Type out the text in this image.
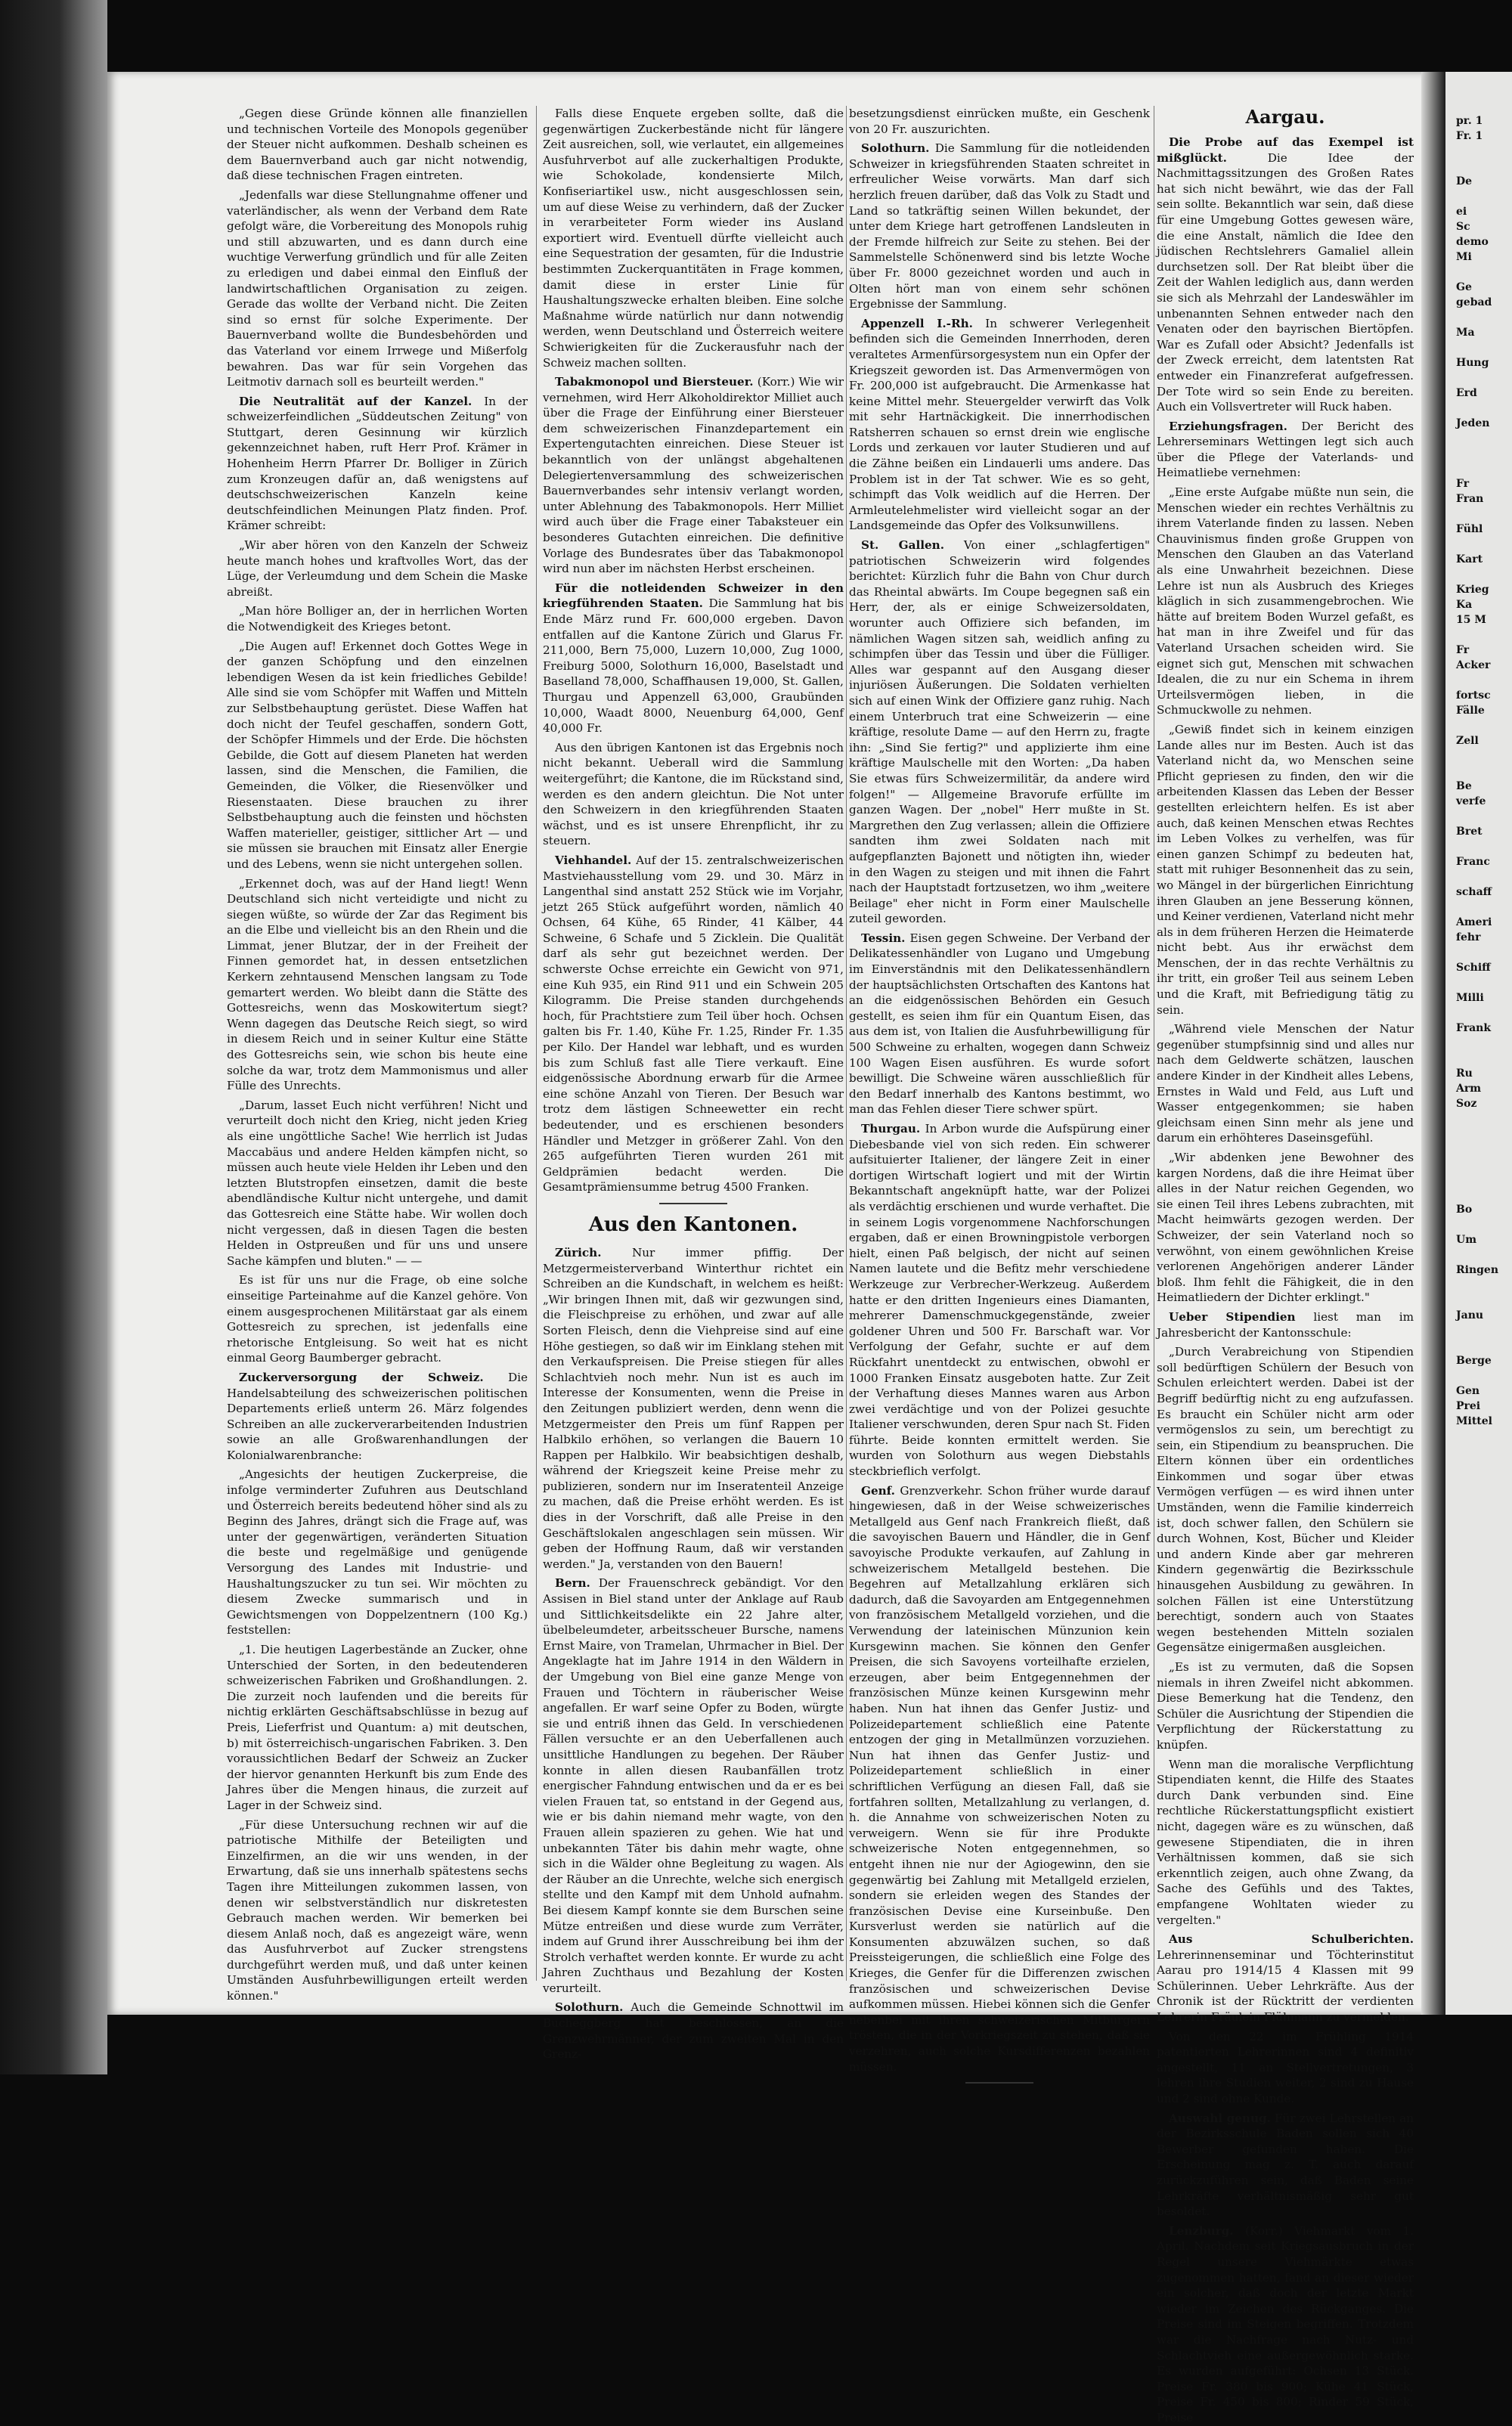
„Gegen diese Gründe können alle finanziellen und technischen Vorteile des Monopols gegenüber der Steuer nicht aufkommen. Deshalb scheinen es dem Bauernverband auch gar nicht notwendig, daß diese technischen Fragen eintreten.

„Jedenfalls war diese Stellungnahme offener und vaterländischer, als wenn der Verband dem Rate gefolgt wäre, die Vorbereitung des Monopols ruhig und still abzuwarten, und es dann durch eine wuchtige Verwerfung gründlich und für alle Zeiten zu erledigen und dabei einmal den Einfluß der landwirtschaftlichen Organisation zu zeigen. Gerade das wollte der Verband nicht. Die Zeiten sind so ernst für solche Experimente. Der Bauernverband wollte die Bundesbehörden und das Vaterland vor einem Irrwege und Mißerfolg bewahren. Das war für sein Vorgehen das Leitmotiv darnach soll es beurteilt werden."

Die Neutralität auf der Kanzel. In der schweizerfeindlichen „Süddeutschen Zeitung" von Stuttgart, deren Gesinnung wir kürzlich gekennzeichnet haben, ruft Herr Prof. Krämer in Hohenheim Herrn Pfarrer Dr. Bolliger in Zürich zum Kronzeugen dafür an, daß wenigstens auf deutschschweizerischen Kanzeln keine deutschfeindlichen Meinungen Platz finden. Prof. Krämer schreibt:

„Wir aber hören von den Kanzeln der Schweiz heute manch hohes und kraftvolles Wort, das der Lüge, der Verleumdung und dem Schein die Maske abreißt.

„Man höre Bolliger an, der in herrlichen Worten die Notwendigkeit des Krieges betont.

„Die Augen auf! Erkennet doch Gottes Wege in der ganzen Schöpfung und den einzelnen lebendigen Wesen da ist kein friedliches Gebilde! Alle sind sie vom Schöpfer mit Waffen und Mitteln zur Selbstbehauptung gerüstet. Diese Waffen hat doch nicht der Teufel geschaffen, sondern Gott, der Schöpfer Himmels und der Erde. Die höchsten Gebilde, die Gott auf diesem Planeten hat werden lassen, sind die Menschen, die Familien, die Gemeinden, die Völker, die Riesenvölker und Riesenstaaten. Diese brauchen zu ihrer Selbstbehauptung auch die feinsten und höchsten Waffen materieller, geistiger, sittlicher Art — und sie müssen sie brauchen mit Einsatz aller Energie und des Lebens, wenn sie nicht untergehen sollen.

„Erkennet doch, was auf der Hand liegt! Wenn Deutschland sich nicht verteidigte und nicht zu siegen wüßte, so würde der Zar das Regiment bis an die Elbe und vielleicht bis an den Rhein und die Limmat, jener Blutzar, der in der Freiheit der Finnen gemordet hat, in dessen entsetzlichen Kerkern zehntausend Menschen langsam zu Tode gemartert werden. Wo bleibt dann die Stätte des Gottesreichs, wenn das Moskowitertum siegt? Wenn dagegen das Deutsche Reich siegt, so wird in diesem Reich und in seiner Kultur eine Stätte des Gottesreichs sein, wie schon bis heute eine solche da war, trotz dem Mammonismus und aller Fülle des Unrechts.

„Darum, lasset Euch nicht verführen! Nicht und verurteilt doch nicht den Krieg, nicht jeden Krieg als eine ungöttliche Sache! Wie herrlich ist Judas Maccabäus und andere Helden kämpfen nicht, so müssen auch heute viele Helden ihr Leben und den letzten Blutstropfen einsetzen, damit die beste abendländische Kultur nicht untergehe, und damit das Gottesreich eine Stätte habe. Wir wollen doch nicht vergessen, daß in diesen Tagen die besten Helden in Ostpreußen und für uns und unsere Sache kämpfen und bluten." — —

Es ist für uns nur die Frage, ob eine solche einseitige Parteinahme auf die Kanzel gehöre. Von einem ausgesprochenen Militärstaat gar als einem Gottesreich zu sprechen, ist jedenfalls eine rhetorische Entgleisung. So weit hat es nicht einmal Georg Baumberger gebracht.

Zuckerversorgung der Schweiz. Die Handelsabteilung des schweizerischen politischen Departements erließ unterm 26. März folgendes Schreiben an alle zuckerverarbeitenden Industrien sowie an alle Großwarenhandlungen der Kolonialwarenbranche:

„Angesichts der heutigen Zuckerpreise, die infolge verminderter Zufuhren aus Deutschland und Österreich bereits bedeutend höher sind als zu Beginn des Jahres, drängt sich die Frage auf, was unter der gegenwärtigen, veränderten Situation die beste und regelmäßige und genügende Versorgung des Landes mit Industrie- und Haushaltungszucker zu tun sei. Wir möchten zu diesem Zwecke summarisch und in Gewichtsmengen von Doppelzentnern (100 Kg.) feststellen:

„1. Die heutigen Lagerbestände an Zucker, ohne Unterschied der Sorten, in den bedeutenderen schweizerischen Fabriken und Großhandlungen. 2. Die zurzeit noch laufenden und die bereits für nichtig erklärten Geschäftsabschlüsse in bezug auf Preis, Lieferfrist und Quantum: a) mit deutschen, b) mit österreichisch-ungarischen Fabriken. 3. Den voraussichtlichen Bedarf der Schweiz an Zucker der hiervor genannten Herkunft bis zum Ende des Jahres über die Mengen hinaus, die zurzeit auf Lager in der Schweiz sind.

„Für diese Untersuchung rechnen wir auf die patriotische Mithilfe der Beteiligten und Einzelfirmen, an die wir uns wenden, in der Erwartung, daß sie uns innerhalb spätestens sechs Tagen ihre Mitteilungen zukommen lassen, von denen wir selbstverständlich nur diskretesten Gebrauch machen werden. Wir bemerken bei diesem Anlaß noch, daß es angezeigt wäre, wenn das Ausfuhrverbot auf Zucker strengstens durchgeführt werden muß, und daß unter keinen Umständen Ausfuhrbewilligungen erteilt werden können."

Falls diese Enquete ergeben sollte, daß die gegenwärtigen Zuckerbestände nicht für längere Zeit ausreichen, soll, wie verlautet, ein allgemeines Ausfuhrverbot auf alle zuckerhaltigen Produkte, wie Schokolade, kondensierte Milch, Konfiseriartikel usw., nicht ausgeschlossen sein, um auf diese Weise zu verhindern, daß der Zucker in verarbeiteter Form wieder ins Ausland exportiert wird. Eventuell dürfte vielleicht auch eine Sequestration der gesamten, für die Industrie bestimmten Zuckerquantitäten in Frage kommen, damit diese in erster Linie für Haushaltungszwecke erhalten bleiben. Eine solche Maßnahme würde natürlich nur dann notwendig werden, wenn Deutschland und Österreich weitere Schwierigkeiten für die Zuckerausfuhr nach der Schweiz machen sollten.

Tabakmonopol und Biersteuer. (Korr.) Wie wir vernehmen, wird Herr Alkoholdirektor Milliet auch über die Frage der Einführung einer Biersteuer dem schweizerischen Finanzdepartement ein Expertengutachten einreichen. Diese Steuer ist bekanntlich von der unlängst abgehaltenen Delegiertenversammlung des schweizerischen Bauernverbandes sehr intensiv verlangt worden, unter Ablehnung des Tabakmonopols. Herr Milliet wird auch über die Frage einer Tabaksteuer ein besonderes Gutachten einreichen. Die definitive Vorlage des Bundesrates über das Tabakmonopol wird nun aber im nächsten Herbst erscheinen.

Für die notleidenden Schweizer in den kriegführenden Staaten. Die Sammlung hat bis Ende März rund Fr. 600,000 ergeben. Davon entfallen auf die Kantone Zürich und Glarus Fr. 211,000, Bern 75,000, Luzern 10,000, Zug 1000, Freiburg 5000, Solothurn 16,000, Baselstadt und Baselland 78,000, Schaffhausen 19,000, St. Gallen, Thurgau und Appenzell 63,000, Graubünden 10,000, Waadt 8000, Neuenburg 64,000, Genf 40,000 Fr.

Aus den übrigen Kantonen ist das Ergebnis noch nicht bekannt. Ueberall wird die Sammlung weitergeführt; die Kantone, die im Rückstand sind, werden es den andern gleichtun. Die Not unter den Schweizern in den kriegführenden Staaten wächst, und es ist unsere Ehrenpflicht, ihr zu steuern.

Viehhandel. Auf der 15. zentralschweizerischen Mastviehausstellung vom 29. und 30. März in Langenthal sind anstatt 252 Stück wie im Vorjahr, jetzt 265 Stück aufgeführt worden, nämlich 40 Ochsen, 64 Kühe, 65 Rinder, 41 Kälber, 44 Schweine, 6 Schafe und 5 Zicklein. Die Qualität darf als sehr gut bezeichnet werden. Der schwerste Ochse erreichte ein Gewicht von 971, eine Kuh 935, ein Rind 911 und ein Schwein 205 Kilogramm. Die Preise standen durchgehends hoch, für Prachtstiere zum Teil über hoch. Ochsen galten bis Fr. 1.40, Kühe Fr. 1.25, Rinder Fr. 1.35 per Kilo. Der Handel war lebhaft, und es wurden bis zum Schluß fast alle Tiere verkauft. Eine eidgenössische Abordnung erwarb für die Armee eine schöne Anzahl von Tieren. Der Besuch war trotz dem lästigen Schneewetter ein recht bedeutender, und es erschienen besonders Händler und Metzger in größerer Zahl. Von den 265 aufgeführten Tieren wurden 261 mit Geldprämien bedacht werden. Die Gesamtprämiensumme betrug 4500 Franken.

Aus den Kantonen.

Zürich.	Nur immer pfiffig. Der Metzgermeisterverband Winterthur richtet ein Schreiben an die Kundschaft, in welchem es heißt: „Wir bringen Ihnen mit, daß wir gezwungen sind, die Fleischpreise zu erhöhen, und zwar auf alle Sorten Fleisch, denn die Viehpreise sind auf eine Höhe gestiegen, so daß wir im Einklang stehen mit den Verkaufspreisen. Die Preise stiegen für alles Schlachtvieh noch mehr. Nun ist es auch im Interesse der Konsumenten, wenn die Preise in den Zeitungen publiziert werden, denn wenn die Metzgermeister den Preis um fünf Rappen per Halbkilo erhöhen, so verlangen die Bauern 10 Rappen per Halbkilo. Wir beabsichtigen deshalb, während der Kriegszeit keine Preise mehr zu publizieren, sondern nur im Inseratenteil Anzeige zu machen, daß die Preise erhöht werden. Es ist dies in der Vorschrift, daß alle Preise in den Geschäftslokalen angeschlagen sein müssen. Wir geben der Hoffnung Raum, daß wir verstanden werden." Ja, verstanden von den Bauern!

Bern. Der Frauenschreck gebändigt. Vor den Assisen in Biel stand unter der Anklage auf Raub und Sittlichkeitsdelikte ein 22 Jahre alter, übelbeleumdeter, arbeitsscheuer Bursche, namens Ernst Maire, von Tramelan, Uhrmacher in Biel. Der Angeklagte hat im Jahre 1914 in den Wäldern in der Umgebung von Biel eine ganze Menge von Frauen und Töchtern in räuberischer Weise angefallen. Er warf seine Opfer zu Boden, würgte sie und entriß ihnen das Geld. In verschiedenen Fällen versuchte er an den Ueberfallenen auch unsittliche Handlungen zu begehen. Der Räuber konnte in allen diesen Raubanfällen trotz energischer Fahndung entwischen und da er es bei vielen Frauen tat, so entstand in der Gegend aus, wie er bis dahin niemand mehr wagte, von den Frauen allein spazieren zu gehen. Wie hat und unbekannten Täter bis dahin mehr wagte, ohne sich in die Wälder ohne Begleitung zu wagen. Als der Räuber an die Unrechte, welche sich energisch stellte und den Kampf mit dem Unhold aufnahm. Bei diesem Kampf konnte sie dem Burschen seine Mütze entreißen und diese wurde zum Verräter, indem auf Grund ihrer Ausschreibung bei ihm der Strolch verhaftet werden konnte. Er wurde zu acht Jahren Zuchthaus und Bezahlung der Kosten verurteilt.

Solothurn. Auch die Gemeinde Schnottwil im Bucheggberg hat beschlossen, an die Grenzwehrmänner, der zum zweiten Mal in den Grenz-

besetzungsdienst einrücken mußte, ein Geschenk von 20 Fr. auszurichten.

Solothurn. Die Sammlung für die notleidenden Schweizer in kriegsführenden Staaten schreitet in erfreulicher Weise vorwärts. Man darf sich herzlich freuen darüber, daß das Volk zu Stadt und Land so tatkräftig seinen Willen bekundet, der unter dem Kriege hart getroffenen Landsleuten in der Fremde hilfreich zur Seite zu stehen. Bei der Sammelstelle Schönenwerd sind bis letzte Woche über Fr. 8000 gezeichnet worden und auch in Olten hört man von einem sehr schönen Ergebnisse der Sammlung.

Appenzell I.-Rh. In schwerer Verlegenheit befinden sich die Gemeinden Innerrhoden, deren veraltetes Armenfürsorgesystem nun ein Opfer der Kriegszeit geworden ist. Das Armenvermögen von Fr. 200,000 ist aufgebraucht. Die Armenkasse hat keine Mittel mehr. Steuergelder verwirft das Volk mit sehr Hartnäckigkeit. Die innerrhodischen Ratsherren schauen so ernst drein wie englische Lords und zerkauen vor lauter Studieren und auf die Zähne beißen ein Lindauerli ums andere. Das Problem ist in der Tat schwer. Wie es so geht, schimpft das Volk weidlich auf die Herren. Der Armleutelehmelister wird vielleicht sogar an der Landsgemeinde das Opfer des Volksunwillens.

St. Gallen. Von einer „schlagfertigen" patriotischen Schweizerin wird folgendes berichtet: Kürzlich fuhr die Bahn von Chur durch das Rheintal abwärts. Im Coupe begegnen saß ein Herr, der, als er einige Schweizersoldaten, worunter auch Offiziere sich befanden, im nämlichen Wagen sitzen sah, weidlich anfing zu schimpfen über das Tessin und über die Fülliger. Alles war gespannt auf den Ausgang dieser injuriösen Äußerungen. Die Soldaten verhielten sich auf einen Wink der Offiziere ganz ruhig. Nach einem Unterbruch trat eine Schweizerin — eine kräftige, resolute Dame — auf den Herrn zu, fragte ihn: „Sind Sie fertig?" und applizierte ihm eine kräftige Maulschelle mit den Worten: „Da haben Sie etwas fürs Schweizermilitär, da andere wird folgen!" — Allgemeine Bravorufe erfüllte im ganzen Wagen. Der „nobel" Herr mußte in St. Margrethen den Zug verlassen; allein die Offiziere sandten ihm zwei Soldaten nach mit aufgepflanzten Bajonett und nötigten ihn, wieder in den Wagen zu steigen und mit ihnen die Fahrt nach der Hauptstadt fortzusetzen, wo ihm „weitere Beilage" eher nicht in Form einer Maulschelle zuteil geworden.

Tessin. Eisen gegen Schweine. Der Verband der Delikatessenhändler von Lugano und Umgebung im Einverständnis mit den Delikatessenhändlern der hauptsächlichsten Ortschaften des Kantons hat an die eidgenössischen Behörden ein Gesuch gestellt, es seien ihm für ein Quantum Eisen, das aus dem ist, von Italien die Ausfuhrbewilligung für 500 Schweine zu erhalten, wogegen dann Schweiz 100 Wagen Eisen ausführen. Es wurde sofort bewilligt. Die Schweine wären ausschließlich für den Bedarf innerhalb des Kantons bestimmt, wo man das Fehlen dieser Tiere schwer spürt.

Thurgau. In Arbon wurde die Aufspürung einer Diebesbande viel von sich reden. Ein schwerer aufsituierter Italiener, der längere Zeit in einer dortigen Wirtschaft logiert und mit der Wirtin Bekanntschaft angeknüpft hatte, war der Polizei als verdächtig erschienen und wurde verhaftet. Die in seinem Logis vorgenommene Nachforschungen ergaben, daß er einen Browningpistole verborgen hielt, einen Paß belgisch, der nicht auf seinen Namen lautete und die Befitz mehr verschiedene Werkzeuge zur Verbrecher-Werkzeug. Außerdem hatte er den dritten Ingenieurs eines Diamanten, mehrerer Damenschmuckgegenstände, zweier goldener Uhren und 500 Fr. Barschaft war. Vor Verfolgung der Gefahr, suchte er auf dem Rückfahrt unentdeckt zu entwischen, obwohl er 1000 Franken Einsatz ausgeboten hatte. Zur Zeit der Verhaftung dieses Mannes waren aus Arbon zwei verdächtige und von der Polizei gesuchte Italiener verschwunden, deren Spur nach St. Fiden führte. Beide konnten ermittelt werden. Sie wurden von Solothurn aus wegen Diebstahls steckbrieflich verfolgt.

Genf. Grenzverkehr. Schon früher wurde darauf hingewiesen, daß in der Weise schweizerisches Metallgeld aus Genf nach Frankreich fließt, daß die savoyischen Bauern und Händler, die in Genf savoyische Produkte verkaufen, auf Zahlung in schweizerischem Metallgeld bestehen. Die Begehren auf Metallzahlung erklären sich dadurch, daß die Savoyarden am Entgegennehmen von französischem Metallgeld vorziehen, und die Verwendung der lateinischen Münzunion kein Kursgewinn machen. Sie können den Genfer Preisen, die sich Savoyens vorteilhafte erzielen, erzeugen, aber beim Entgegennehmen der französischen Münze keinen Kursgewinn mehr haben. Nun hat ihnen das Genfer Justiz- und Polizeidepartement schließlich eine Patente entzogen der ging in Metallmünzen vorzuziehen. Nun hat ihnen das Genfer Justiz- und Polizeidepartement schließlich in einer schriftlichen Verfügung an diesen Fall, daß sie fortfahren sollten, Metallzahlung zu verlangen, d. h. die Annahme von schweizerischen Noten zu verweigern. Wenn sie für ihre Produkte schweizerische Noten entgegennehmen, so entgeht ihnen nie nur der Agiogewinn, den sie gegenwärtig bei Zahlung mit Metallgeld erzielen, sondern sie erleiden wegen des Standes der französischen Devise eine Kurseinbuße. Den Kursverlust werden sie natürlich auf die Konsumenten abzuwälzen suchen, so daß Preissteigerungen, die schließlich eine Folge des Krieges, die Genfer für die Differenzen zwischen französischen und schweizerischen Devise aufkommen müssen. Hiebei können sich die Genfer nebenbei mit ihren schweizerischen Mitbürgern trösten, die in der Vorkriegszeit zu stehen, daß sie verzehren, auch solche Kursdifferenzen bezahlen müssen.

Aargau.

Die Probe auf das Exempel ist mißglückt.	Die Idee der Nachmittagssitzungen des Großen Rates hat sich nicht bewährt, wie das der Fall sein sollte. Bekanntlich war sein, daß diese für eine Umgebung Gottes gewesen wäre, die eine Anstalt, nämlich die Idee den jüdischen Rechtslehrers Gamaliel allein durchsetzen soll. Der Rat bleibt über die Zeit der Wahlen lediglich aus, dann werden sie sich als Mehrzahl der Landeswähler im unbenannten Sehnen entweder nach den Venaten oder den bayrischen Biertöpfen. War es Zufall oder Absicht? Jedenfalls ist der Zweck erreicht, dem latentsten Rat entweder ein Finanzreferat aufgefressen. Der Tote wird so sein Ende zu bereiten. Auch ein Vollsvertreter will Ruck haben.

Erziehungsfragen. Der Bericht des Lehrerseminars Wettingen legt sich auch über die Pflege der Vaterlands- und Heimatliebe vernehmen:

„Eine erste Aufgabe müßte nun sein, die Menschen wieder ein rechtes Verhältnis zu ihrem Vaterlande finden zu lassen. Neben Chauvinismus finden große Gruppen von Menschen den Glauben an das Vaterland als eine Unwahrheit bezeichnen. Diese Lehre ist nun als Ausbruch des Krieges kläglich in sich zusammengebrochen. Wie hätte auf breitem Boden Wurzel gefaßt, es hat man in ihre Zweifel und für das Vaterland Ursachen scheiden wird. Sie eignet sich gut, Menschen mit schwachen Idealen, die zu nur ein Schema in ihrem Urteilsvermögen lieben, in die Schmuckwolle zu nehmen.

„Gewiß findet sich in keinem einzigen Lande alles nur im Besten. Auch ist das Vaterland nicht da, wo Menschen seine Pflicht gepriesen zu finden, den wir die arbeitenden Klassen das Leben der Besser gestellten erleichtern helfen. Es ist aber auch, daß keinen Menschen etwas Rechtes im Leben Volkes zu verhelfen, was für einen ganzen Schimpf zu bedeuten hat, statt mit ruhiger Besonnenheit das zu sein, wo Mängel in der bürgerlichen Einrichtung ihren Glauben an jene Besserung können, und Keiner verdienen, Vaterland nicht mehr als in dem früheren Herzen die Heimaterde nicht bebt. Aus ihr erwächst dem Menschen, der in das rechte Verhältnis zu ihr tritt, ein großer Teil aus seinem Leben und die Kraft, mit Befriedigung tätig zu sein.

„Während viele Menschen der Natur gegenüber stumpfsinnig sind und alles nur nach dem Geldwerte schätzen, lauschen andere Kinder in der Kindheit alles Lebens, Ernstes in Wald und Feld, aus Luft und Wasser entgegenkommen; sie haben gleichsam einen Sinn mehr als jene und darum ein erhöhteres Daseinsgefühl.

„Wir abdenken jene Bewohner des kargen Nordens, daß die ihre Heimat über alles in der Natur reichen Gegenden, wo sie einen Teil ihres Lebens zubrachten, mit Macht heimwärts gezogen werden. Der Schweizer, der sein Vaterland noch so verwöhnt, von einem gewöhnlichen Kreise verlorenen Angehörigen anderer Länder bloß. Ihm fehlt die Fähigkeit, die in den Heimatliedern der Dichter erklingt."

Ueber Stipendien liest man im Jahresbericht der Kantonsschule:

„Durch Verabreichung von Stipendien soll bedürftigen Schülern der Besuch von Schulen erleichtert werden. Dabei ist der Begriff bedürftig nicht zu eng aufzufassen. Es braucht ein Schüler nicht arm oder vermögenslos zu sein, um berechtigt zu sein, ein Stipendium zu beanspruchen. Die Eltern können über ein ordentliches Einkommen und sogar über etwas Vermögen verfügen — es wird ihnen unter Umständen, wenn die Familie kinderreich ist, doch schwer fallen, den Schülern sie durch Wohnen, Kost, Bücher und Kleider und andern Kinde aber gar mehreren Kindern gegenwärtig die Bezirksschule hinausgehen Ausbildung zu gewähren. In solchen Fällen ist eine Unterstützung berechtigt, sondern auch von Staates wegen bestehenden Mitteln sozialen Gegensätze einigermaßen ausgleichen.

„Es ist zu vermuten, daß die Sopsen niemals in ihren Zweifel nicht abkommen. Diese Bemerkung hat die Tendenz, den Schüler die Ausrichtung der Stipendien die Verpflichtung der Rückerstattung zu knüpfen.

Wenn man die moralische Verpflichtung Stipendiaten kennt, die Hilfe des Staates durch Dank verbunden sind. Eine rechtliche Rückerstattungspflicht existiert nicht, dagegen wäre es zu wünschen, daß gewesene Stipendiaten, die in ihren Verhältnissen kommen, daß sie sich erkenntlich zeigen, auch ohne Zwang, da Sache des Gefühls und des Taktes, empfangene Wohltaten wieder zu vergelten."

Aus Schulberichten. Lehrerinnenseminar und Töchterinstitut Aarau pro 1914/15 4 Klassen mit 99 Schülerinnen. Ueber Lehrkräfte. Aus der Chronik ist der Rücktritt der verdienten Lehrerin Fräulein Flühmann zu vermelden.

Von den 22 im Frühling 1914 patentierten Lehrerinnen sind 4 definitiv angestellt, 11 an Stellvertretungen, 3 lehren ihre Studien weiter, 2 sind zu Hause und 2 sind ohne Kunde.

Auswahl genug. Für zwei Lehrstellen an der Bezirksschule Baden sollen sich 40 Bewerber gefunden haben. Die Erscheinung mag z. T. auch darauf zurückzuführen sein, daß Baden seine Lehrkräfte verhältnismäßig sehr gut besoldet.

Lenzburg. (Korr.) Viehmarkt vom 1. April. Nachdem seit Kriegsausbruch in der Regel unsere Viehmärkte etwas zugenommen hatten, fand an dieser wieder ein solcher, daß doch der letzte Markt wieder im Zeichen des Rückganges. Die Preise sind im Steigen begriffen. Trotzdem war die Nachfrage nach Nutz- und Schlachtvieh eine außergewöhnlich starke. Es wurden aufgeführt: Ochsen 13 Stück. Preise Fr. 380 bis 900; Kühe 41 Stück, Preise Fr. 450 bis 800; Rinder 59 Stück, Preise

pr. 1
Fr. 1
De
ei
Sc
demo
Mi
Ge
gebad
Ma
Hung
Erd
Jeden
Fr
Fran
Fühl
Kart
Krieg
Ka
15 M
Fr
Acker
fortsc
Fälle
Zell
Be
verfe
Bret
Franc
schaff
Ameri
fehr
Schiff
Milli
Frank
Ru
Arm
Soz
Bo
Um
Ringen
Janu
Berge
Gen
Prei
Mittel
